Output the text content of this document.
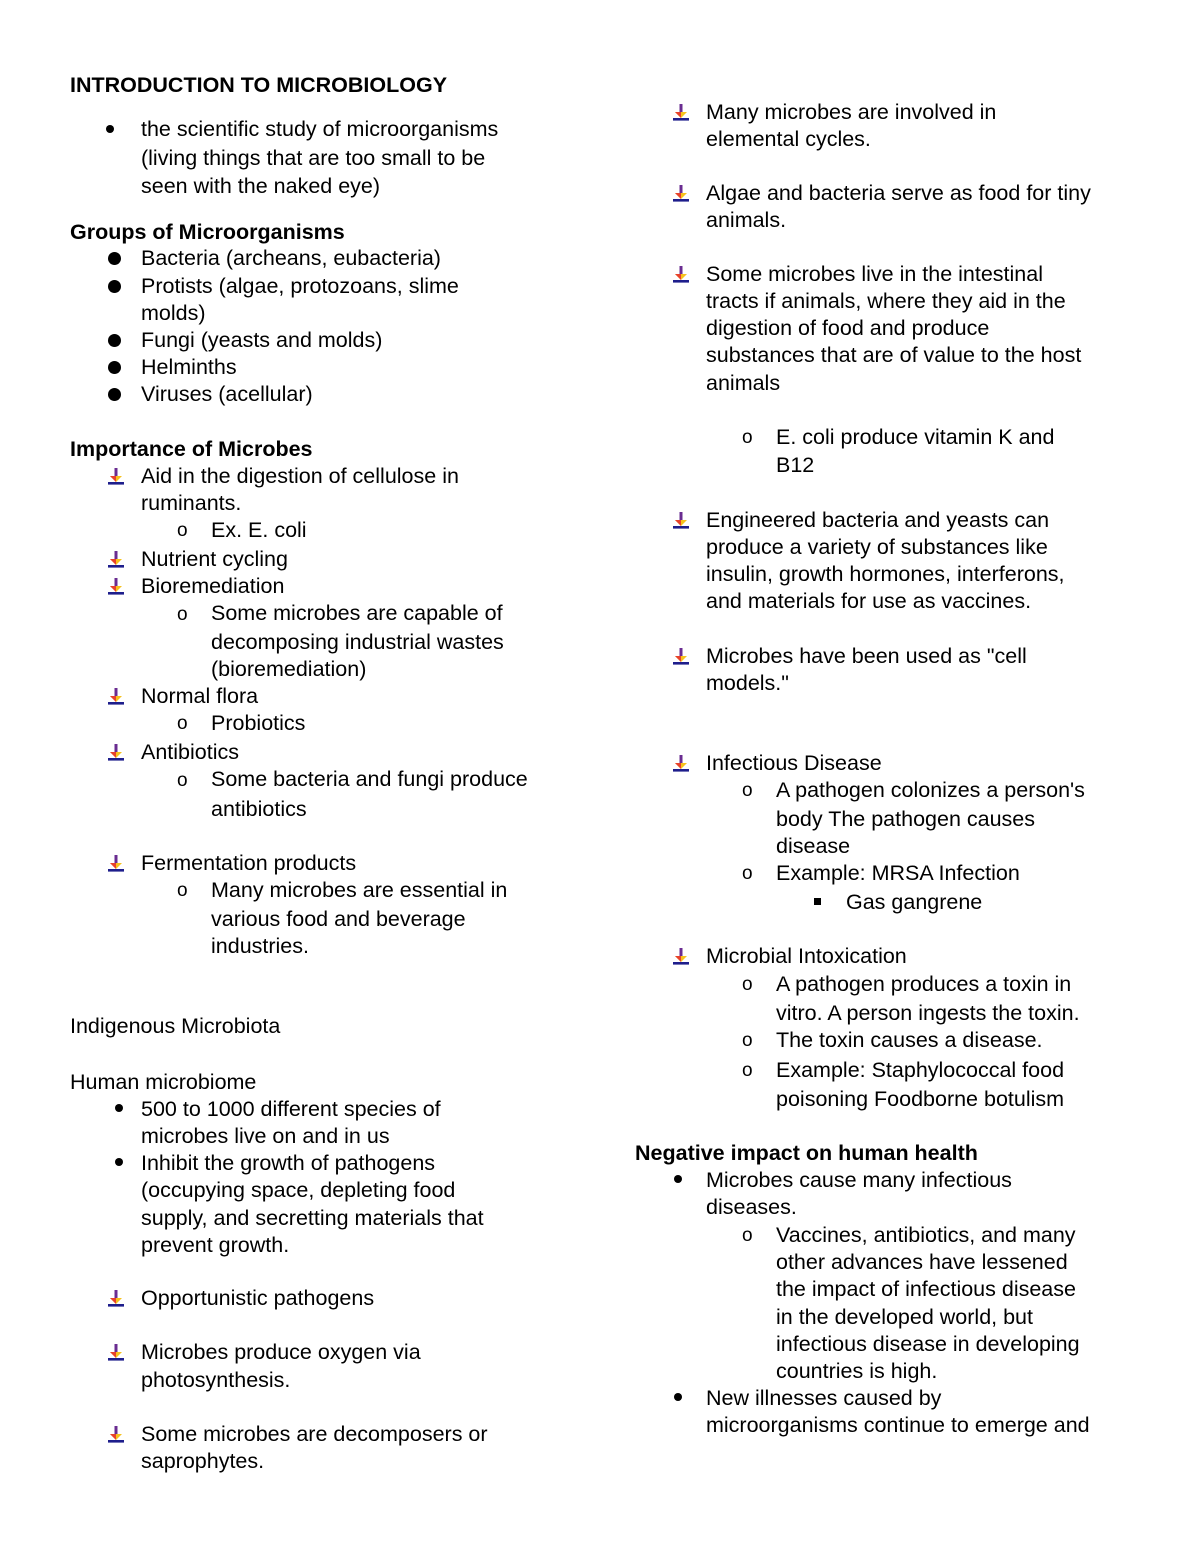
INTRODUCTION TO MICROBIOLOGY
the scientific study of microorganisms
(living things that are too small to be
seen with the naked eye)
Groups of Microorganisms
Bacteria (archeans, eubacteria)
Protists (algae, protozoans, slime
molds)
Fungi (yeasts and molds)
Helminths
Viruses (acellular)
Importance of Microbes
Aid in the digestion of cellulose in
ruminants.
o Ex. E. coli
Nutrient cycling
Bioremediation
o Some microbes are capable of
decomposing industrial wastes
(bioremediation)
Normal flora
o Probiotics
Antibiotics
o Some bacteria and fungi produce
antibiotics
Fermentation products
o Many microbes are essential in
various food and beverage
industries.
Indigenous Microbiota
Human microbiome
500 to 1000 different species of
microbes live on and in us
Inhibit the growth of pathogens
(occupying space, depleting food
supply, and secretting materials that
prevent growth.
Opportunistic pathogens
Microbes produce oxygen via
photosynthesis.
Some microbes are decomposers or
saprophytes.
Many microbes are involved in
elemental cycles.
Algae and bacteria serve as food for tiny
animals.
Some microbes live in the intestinal
tracts if animals, where they aid in the
digestion of food and produce
substances that are of value to the host
animals
o E. coli produce vitamin K and
B12
Engineered bacteria and yeasts can
produce a variety of substances like
insulin, growth hormones, interferons,
and materials for use as vaccines.
Microbes have been used as "cell
models."
Infectious Disease
o A pathogen colonizes a person's
body The pathogen causes
disease
o Example: MRSA Infection
Gas gangrene
Microbial Intoxication
o A pathogen produces a toxin in
vitro. A person ingests the toxin.
o The toxin causes a disease.
o Example: Staphylococcal food
poisoning Foodborne botulism
Negative impact on human health
Microbes cause many infectious
diseases.
o Vaccines, antibiotics, and many
other advances have lessened
the impact of infectious disease
in the developed world, but
infectious disease in developing
countries is high.
New illnesses caused by
microorganisms continue to emerge and
